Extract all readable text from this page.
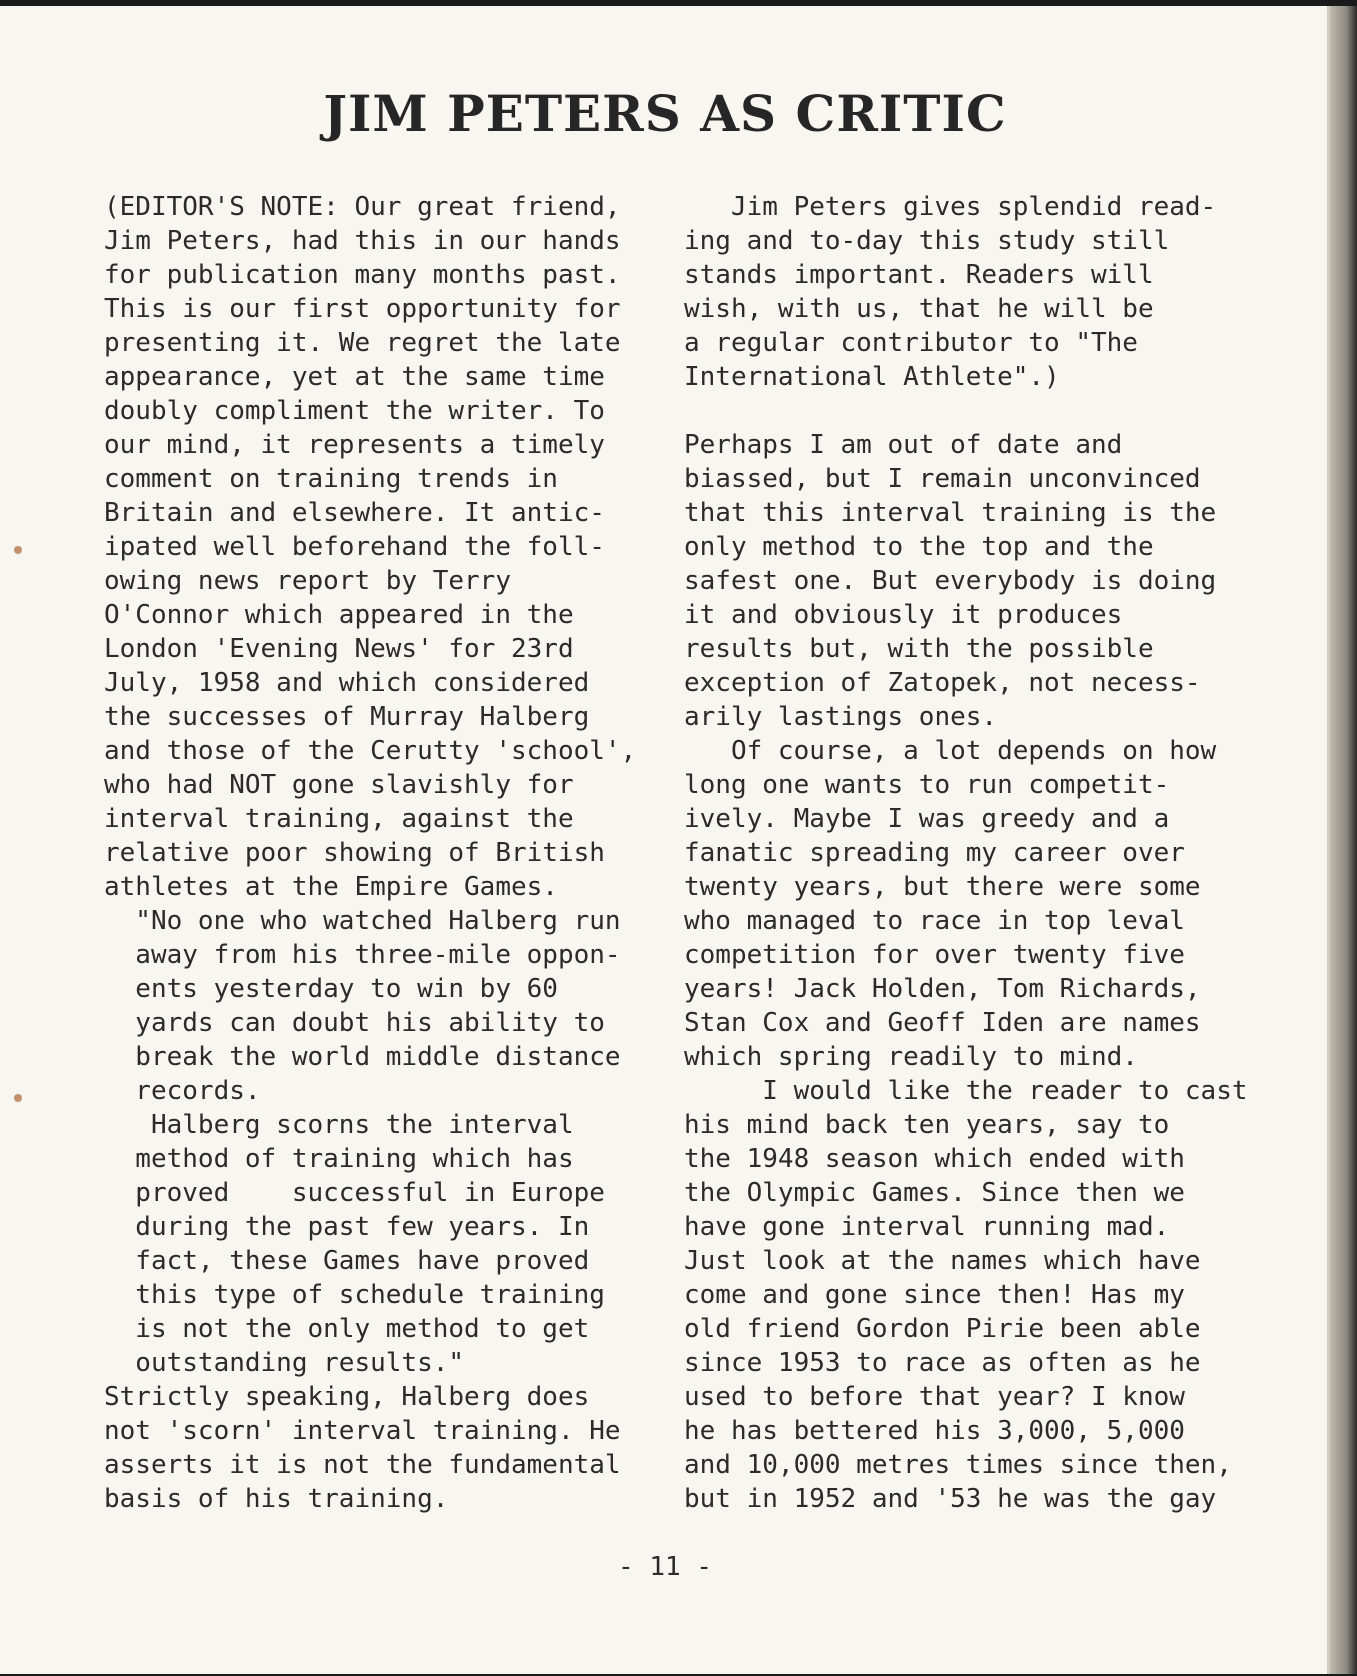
JIM PETERS AS CRITIC
(EDITOR'S NOTE: Our great friend,
Jim Peters, had this in our hands
for publication many months past.
This is our first opportunity for
presenting it. We regret the late
appearance, yet at the same time
doubly compliment the writer. To
our mind, it represents a timely
comment on training trends in
Britain and elsewhere. It antic-
ipated well beforehand the foll-
owing news report by Terry
O'Connor which appeared in the
London 'Evening News' for 23rd
July, 1958 and which considered
the successes of Murray Halberg
and those of the Cerutty 'school',
who had NOT gone slavishly for
interval training, against the
relative poor showing of British
athletes at the Empire Games.
"No one who watched Halberg run
away from his three-mile oppon-
ents yesterday to win by 60
yards can doubt his ability to
break the world middle distance
records.
Halberg scorns the interval
method of training which has
proved    successful in Europe
during the past few years. In
fact, these Games have proved
this type of schedule training
is not the only method to get
outstanding results."
Strictly speaking, Halberg does
not 'scorn' interval training. He
asserts it is not the fundamental
basis of his training.
Jim Peters gives splendid read-
ing and to-day this study still
stands important. Readers will
wish, with us, that he will be
a regular contributor to "The
International Athlete".)
Perhaps I am out of date and
biassed, but I remain unconvinced
that this interval training is the
only method to the top and the
safest one. But everybody is doing
it and obviously it produces
results but, with the possible
exception of Zatopek, not necess-
arily lastings ones.
Of course, a lot depends on how
long one wants to run competit-
ively. Maybe I was greedy and a
fanatic spreading my career over
twenty years, but there were some
who managed to race in top leval
competition for over twenty five
years! Jack Holden, Tom Richards,
Stan Cox and Geoff Iden are names
which spring readily to mind.
I would like the reader to cast
his mind back ten years, say to
the 1948 season which ended with
the Olympic Games. Since then we
have gone interval running mad.
Just look at the names which have
come and gone since then! Has my
old friend Gordon Pirie been able
since 1953 to race as often as he
used to before that year? I know
he has bettered his 3,000, 5,000
and 10,000 metres times since then,
but in 1952 and '53 he was the gay
- 11 -
